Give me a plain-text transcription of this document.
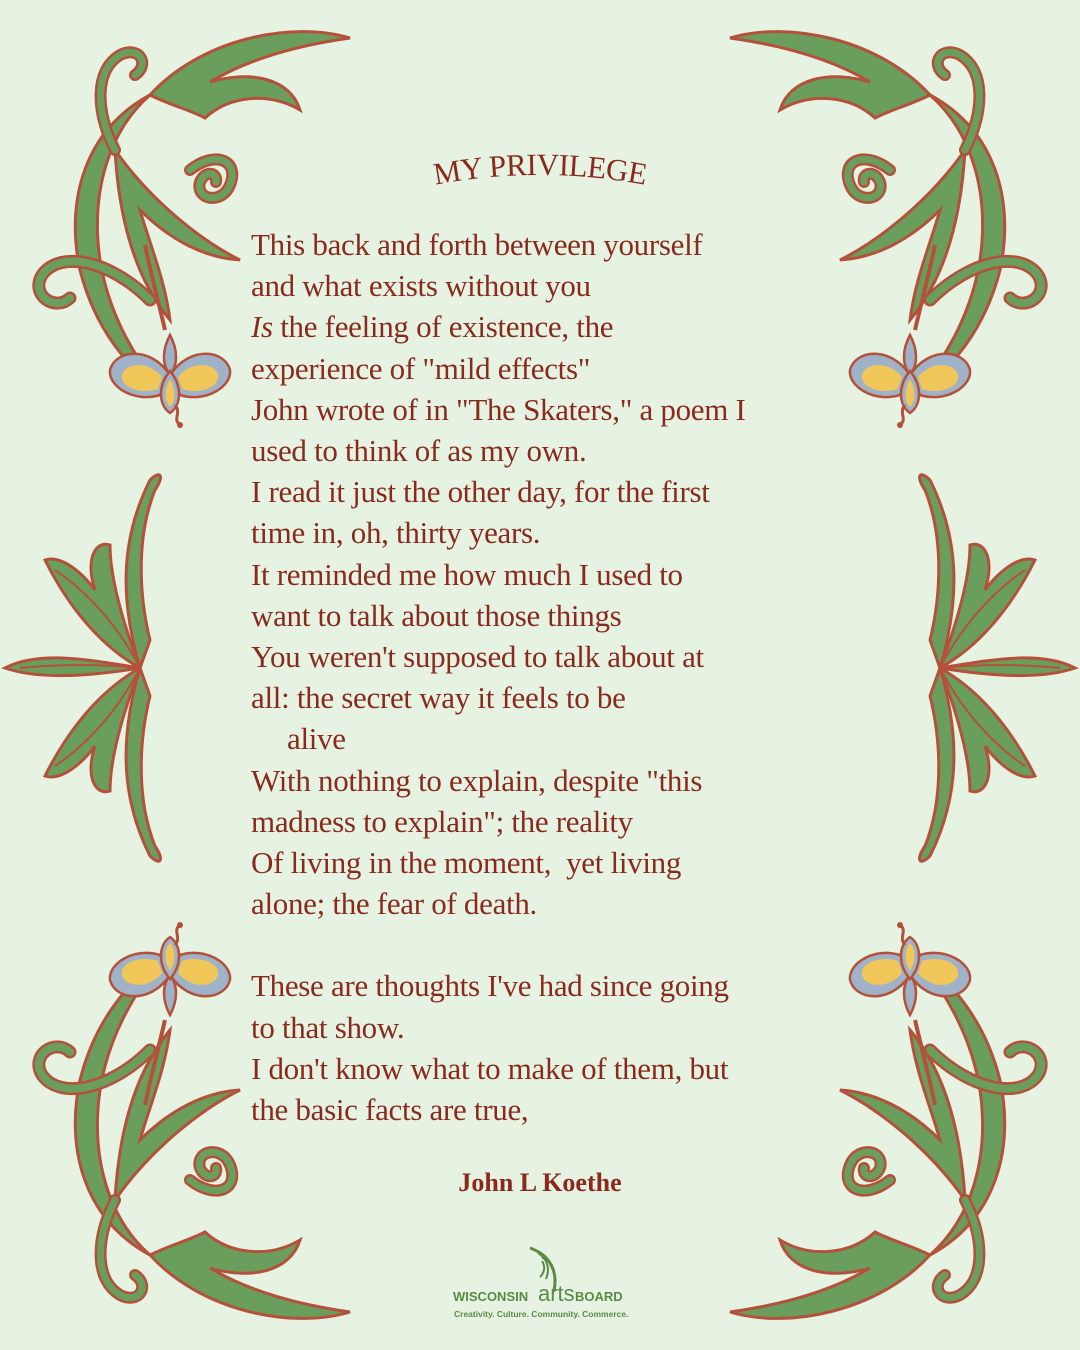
MY PRIVILEGE
This back and forth between yourself
and what exists without you
Is the feeling of existence, the
experience of "mild effects"
John wrote of in "The Skaters," a poem I
used to think of as my own.
I read it just the other day, for the first
time in, oh, thirty years.
It reminded me how much I used to
want to talk about those things
You weren't supposed to talk about at
all: the secret way it feels to be
alive
With nothing to explain, despite "this
madness to explain"; the reality
Of living in the moment,  yet living
alone; the fear of death.
These are thoughts I've had since going
to that show.
I don't know what to make of them, but
the basic facts are true,
John L Koethe
WISCONSIN arts BOARD
Creativity. Culture. Community. Commerce.
